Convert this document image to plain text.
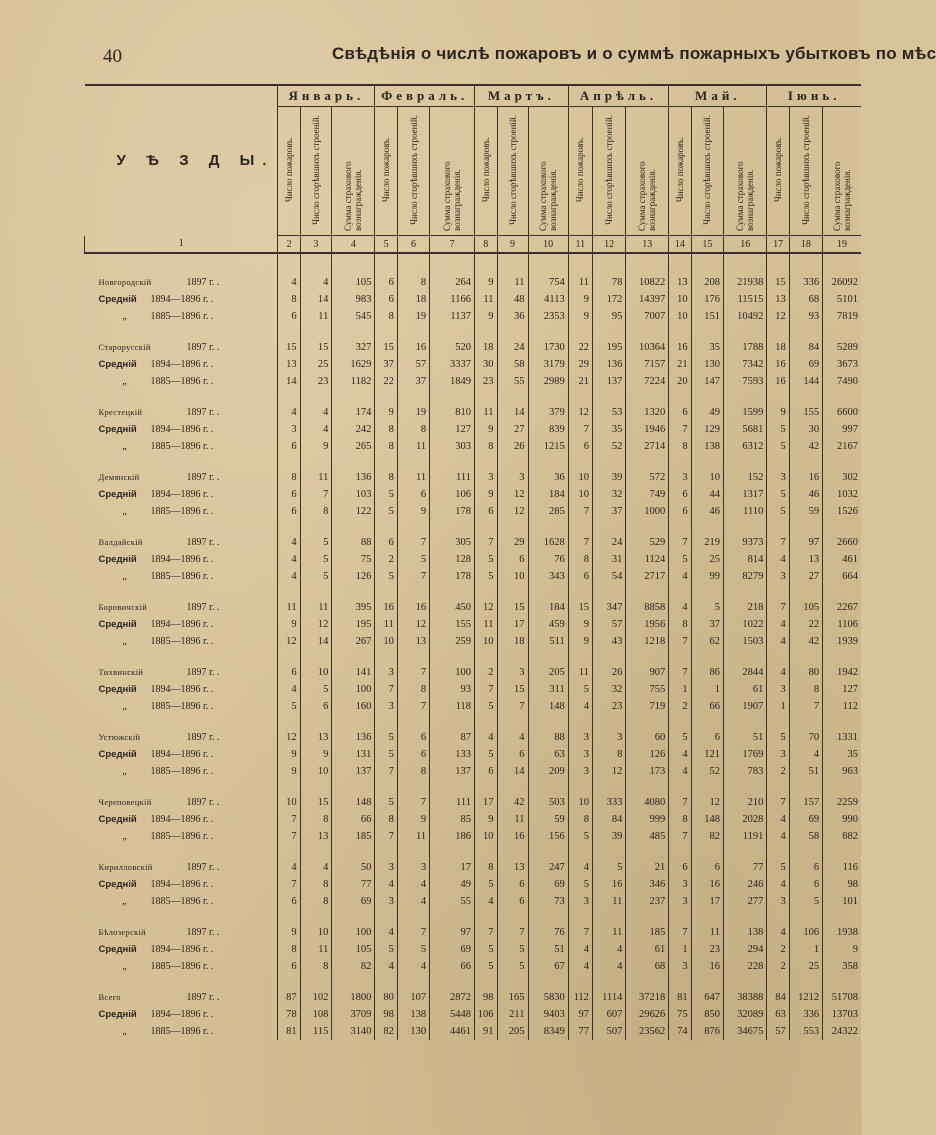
40	Свѣдѣнія о числѣ пожаровъ и о суммѣ пожарныхъ убытковъ по мѣс
У Ѣ З Д Ы.	Январь.			Февраль.			Мартъ.			Апрѣль.			Май.			Іюнь.		
	Число пожаровъ.	Число сгорѣвшихъ строеній.	Сумма страхового вознагражденія.	Число пожаровъ.	Число сгорѣвшихъ строеній.	Сумма страхового вознагражденія.	Число пожаровъ.	Число сгорѣвшихъ строеній.	Сумма страхового вознагражденія.	Число пожаровъ.	Число сгорѣвшихъ строеній.	Сумма страхового вознагражденія.	Число пожаровъ.	Число сгорѣвшихъ строеній.	Сумма страхового вознагражденія.	Число пожаровъ.	Число сгорѣвшихъ строеній.	Сумма страхового вознагражденія.
1	2	3	4	5	6	7	8	9	10	11	12	13	14	15	16	17	18	19

Новгородскій 1897 г. .	4	4	105	6	8	264	9	11	754	11	78	10822	13	208	21938	15	336	26092
Средній 1894—1896 г. .	8	14	983	6	18	1166	11	48	4113	9	172	14397	10	176	11515	13	68	5101
„ 1885—1896 г. .	6	11	545	8	19	1137	9	36	2353	9	95	7007	10	151	10492	12	93	7819

Старорусскій 1897 г. .	15	15	327	15	16	520	18	24	1730	22	195	10364	16	35	1788	18	84	5289
Средній 1894—1896 г. .	13	25	1629	37	57	3337	30	58	3179	29	136	7157	21	130	7342	16	69	3673
„ 1885—1896 г. .	14	23	1182	22	37	1849	23	55	2989	21	137	7224	20	147	7593	16	144	7490

Крестецкій 1897 г. .	4	4	174	9	19	810	11	14	379	12	53	1320	6	49	1599	9	155	6600
Средній 1894—1896 г. .	3	4	242	8	8	127	9	27	839	7	35	1946	7	129	5681	5	30	997
„ 1885—1896 г. .	6	9	265	8	11	303	8	26	1215	6	52	2714	8	138	6312	5	42	2167

Демянскій 1897 г. .	8	11	136	8	11	111	3	3	36	10	39	572	3	10	152	3	16	302
Средній 1894—1896 г. .	6	7	103	5	6	106	9	12	184	10	32	749	6	44	1317	5	46	1032
„ 1885—1896 г. .	6	8	122	5	9	178	6	12	285	7	37	1000	6	46	1110	5	59	1526

Валдайскій 1897 г. .	4	5	88	6	7	305	7	29	1628	7	24	529	7	219	9373	7	97	2660
Средній 1894—1896 г. .	4	5	75	2	5	128	5	6	76	8	31	1124	5	25	814	4	13	461
„ 1885—1896 г. .	4	5	126	5	7	178	5	10	343	6	54	2717	4	99	8279	3	27	664

Боровичскій 1897 г. .	11	11	395	16	16	450	12	15	184	15	347	8858	4	5	218	7	105	2267
Средній 1894—1896 г. .	9	12	195	11	12	155	11	17	459	9	57	1956	8	37	1022	4	22	1106
„ 1885—1896 г. .	12	14	267	10	13	259	10	18	511	9	43	1218	7	62	1503	4	42	1939

Тихвинскій 1897 г. .	6	10	141	3	7	100	2	3	205	11	26	907	7	86	2844	4	80	1942
Средній 1894—1896 г. .	4	5	100	7	8	93	7	15	311	5	32	755	1	1	61	3	8	127
„ 1885—1896 г. .	5	6	160	3	7	118	5	7	148	4	23	719	2	66	1907	1	7	112

Устюжскій 1897 г. .	12	13	136	5	6	87	4	4	88	3	3	60	5	6	51	5	70	1331
Средній 1894—1896 г. .	9	9	131	5	6	133	5	6	63	3	8	126	4	121	1769	3	4	35
„ 1885—1896 г. .	9	10	137	7	8	137	6	14	209	3	12	173	4	52	783	2	51	963

Череповецкій 1897 г. .	10	15	148	5	7	111	17	42	503	10	333	4080	7	12	210	7	157	2259
Средній 1894—1896 г. .	7	8	66	8	9	85	9	11	59	8	84	999	8	148	2028	4	69	990
„ 1885—1896 г. .	7	13	185	7	11	186	10	16	156	5	39	485	7	82	1191	4	58	882

Кирилловскій 1897 г. .	4	4	50	3	3	17	8	13	247	4	5	21	6	6	77	5	6	116
Средній 1894—1896 г. .	7	8	77	4	4	49	5	6	69	5	16	346	3	16	246	4	6	98
„ 1885—1896 г. .	6	8	69	3	4	55	4	6	73	3	11	237	3	17	277	3	5	101

Бѣлозерскій 1897 г. .	9	10	100	4	7	97	7	7	76	7	11	185	7	11	138	4	106	1938
Средній 1894—1896 г. .	8	11	105	5	5	69	5	5	51	4	4	61	1	23	294	2	1	9
„ 1885—1896 г. .	6	8	82	4	4	66	5	5	67	4	4	68	3	16	228	2	25	358

Всего 1897 г. .	87	102	1800	80	107	2872	98	165	5830	112	1114	37218	81	647	38388	84	1212	51708
Средній 1894—1896 г. .	78	108	3709	98	138	5448	106	211	9403	97	607	29626	75	850	32089	63	336	13703
„ 1885—1896 г. .	81	115	3140	82	130	4461	91	205	8349	77	507	23562	74	876	34675	57	553	24322
